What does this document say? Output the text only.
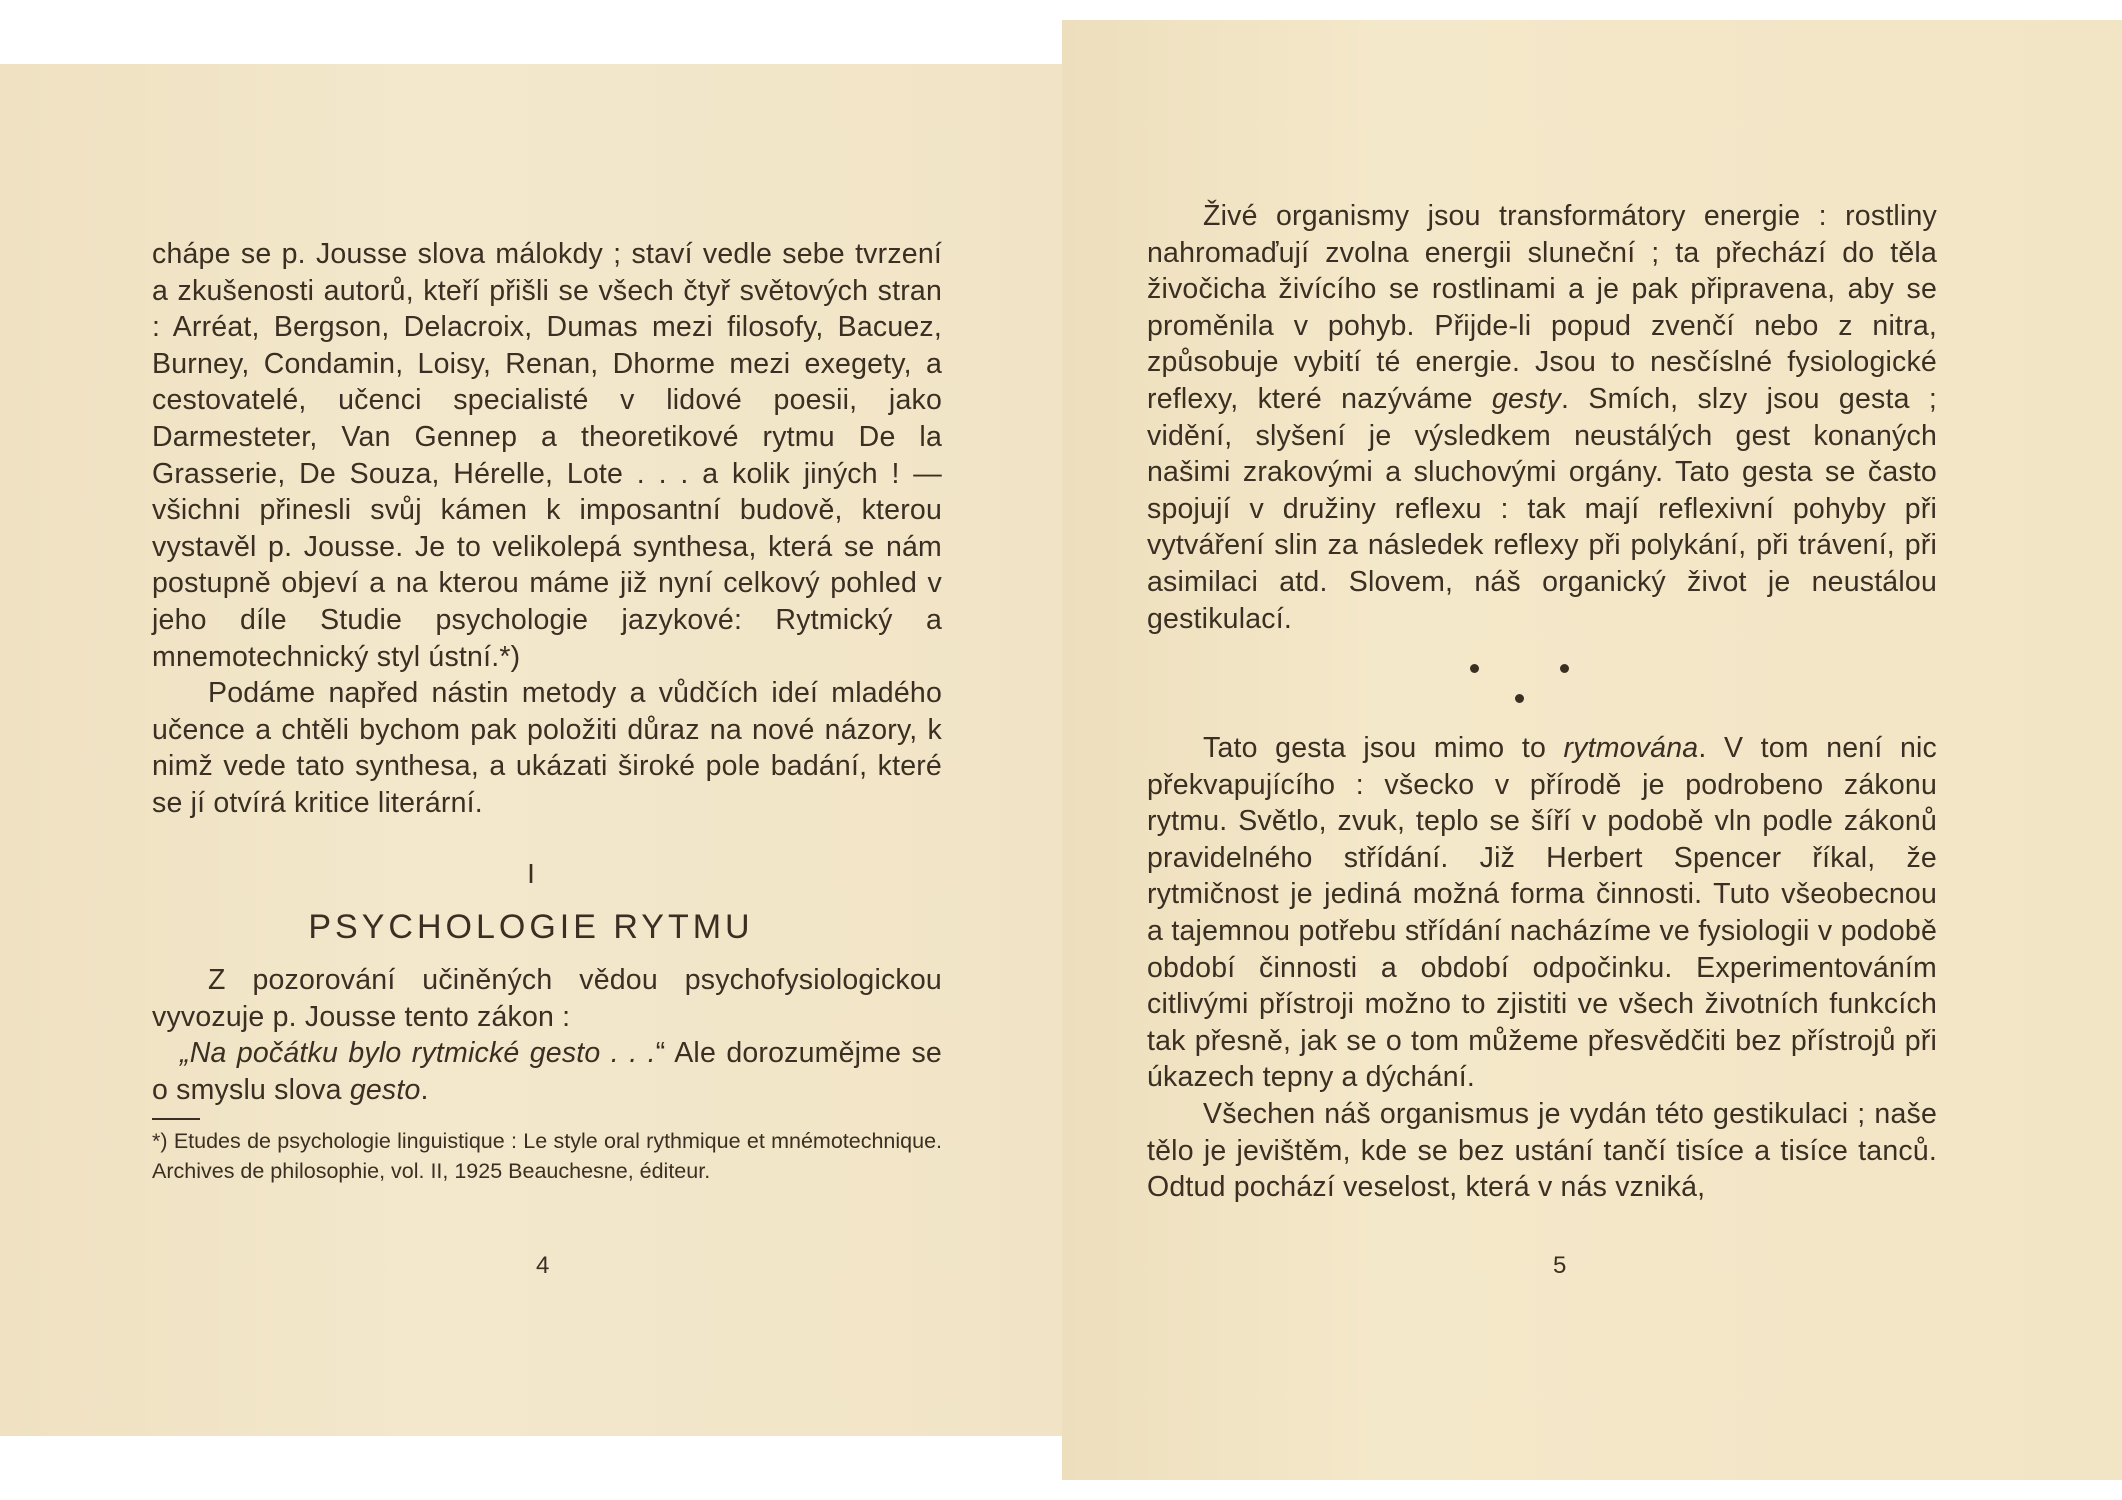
chápe se p. Jousse slova málokdy ; staví vedle sebe tvrzení a zkušenosti autorů, kteří přišli se všech čtyř světových stran : Arréat, Bergson, Delacroix, Dumas mezi filosofy, Bacuez, Burney, Condamin, Loisy, Renan, Dhorme mezi exegety, a cestovatelé, učenci specialisté v lidové poesii, jako Darmesteter, Van Gennep a theoretikové rytmu De la Grasserie, De Souza, Hérelle, Lote . . . a kolik jiných ! —všichni přinesli svůj kámen k imposantní budově, kterou vystavěl p. Jousse. Je to velikolepá synthesa, která se nám postupně objeví a na kterou máme již nyní celkový pohled v jeho díle Studie psychologie jazykové: Rytmický a mnemotechnický styl ústní.*)

Podáme napřed nástin metody a vůdčích ideí mladého učence a chtěli bychom pak položiti důraz na nové názory, k nimž vede tato synthesa, a ukázati široké pole badání, které se jí otvírá kritice literární.

I
PSYCHOLOGIE RYTMU

Z pozorování učiněných vědou psychofysiologickou vyvozuje p. Jousse tento zákon :
„Na počátku bylo rytmické gesto . . .“ Ale dorozumějme se o smyslu slova gesto.

*) Etudes de psychologie linguistique : Le style oral rythmique et mnémotechnique. Archives de philosophie, vol. II, 1925 Beauchesne, éditeur.
4

Živé organismy jsou transformátory energie : rostliny nahromaďují zvolna energii sluneční ; ta přechází do těla živočicha živícího se rostlinami a je pak připravena, aby se proměnila v pohyb. Přijde-li popud zvenčí nebo z nitra, způsobuje vybití té energie. Jsou to nesčíslné fysiologické reflexy, které nazýváme gesty. Smích, slzy jsou gesta ; vidění, slyšení je výsledkem neustálých gest konaných našimi zrakovými a sluchovými orgány. Tato gesta se často spojují v družiny reflexu : tak mají reflexivní pohyby při vytváření slin za následek reflexy při polykání, při trávení, při asimilaci atd. Slovem, náš organický život je neustálou gestikulací.

Tato gesta jsou mimo to rytmována. V tom není nic překvapujícího : všecko v přírodě je podrobeno zákonu rytmu. Světlo, zvuk, teplo se šíří v podobě vln podle zákonů pravidelného střídání. Již Herbert Spencer říkal, že rytmičnost je jediná možná forma činnosti. Tuto všeobecnou a tajemnou potřebu střídání nacházíme ve fysiologii v podobě období činnosti a období odpočinku. Experimentováním citlivými přístroji možno to zjistiti ve všech životních funkcích tak přesně, jak se o tom můžeme přesvědčiti bez přístrojů při úkazech tepny a dýchání.

Všechen náš organismus je vydán této gestikulaci ; naše tělo je jevištěm, kde se bez ustání tančí tisíce a tisíce tanců. Odtud pochází veselost, která v nás vzniká,

5
